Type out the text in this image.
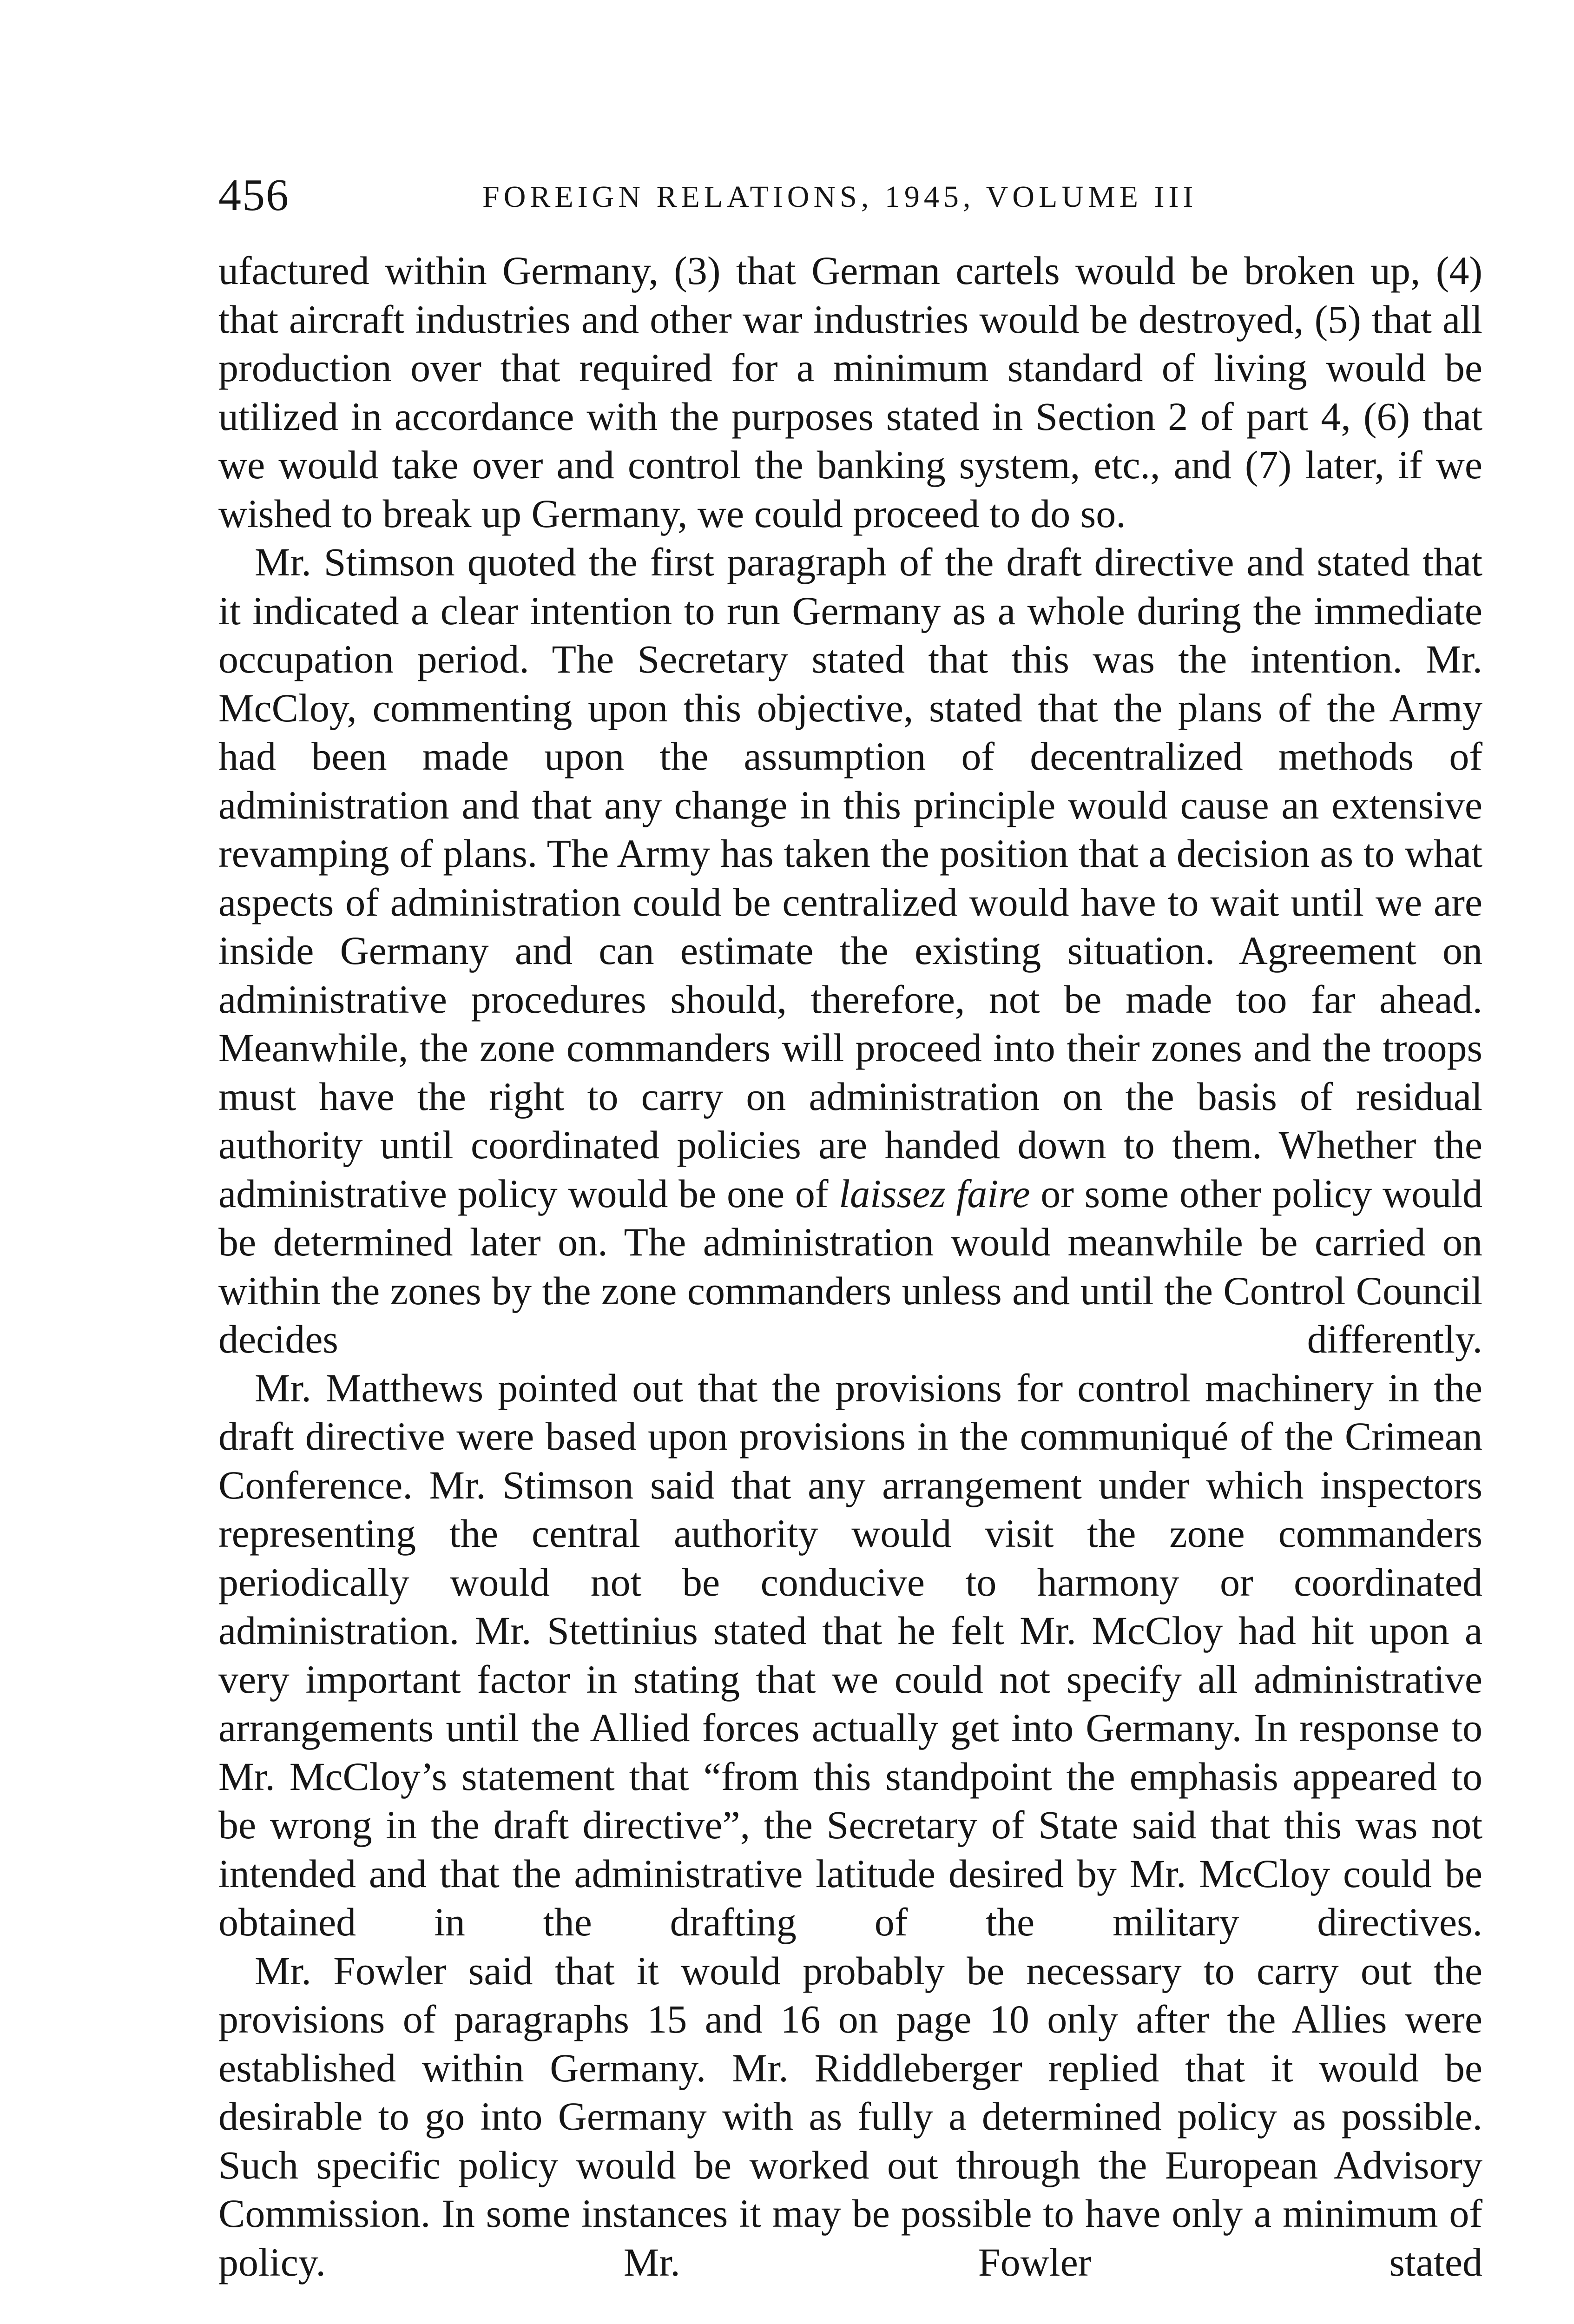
456	FOREIGN RELATIONS, 1945, VOLUME III

ufactured within Germany, (3) that German cartels would be broken up, (4) that aircraft industries and other war industries would be destroyed, (5) that all production over that required for a minimum standard of living would be utilized in accordance with the purposes stated in Section 2 of part 4, (6) that we would take over and control the banking system, etc., and (7) later, if we wished to break up Germany, we could proceed to do so.

Mr. Stimson quoted the first paragraph of the draft directive and stated that it indicated a clear intention to run Germany as a whole during the immediate occupation period. The Secretary stated that this was the intention. Mr. McCloy, commenting upon this objective, stated that the plans of the Army had been made upon the assumption of decentralized methods of administration and that any change in this principle would cause an extensive revamping of plans. The Army has taken the position that a decision as to what aspects of administration could be centralized would have to wait until we are inside Germany and can estimate the existing situation. Agreement on administrative procedures should, therefore, not be made too far ahead. Meanwhile, the zone commanders will proceed into their zones and the troops must have the right to carry on administration on the basis of residual authority until coordinated policies are handed down to them. Whether the administrative policy would be one of laissez faire or some other policy would be determined later on. The administration would meanwhile be carried on within the zones by the zone commanders unless and until the Control Council decides differently.

Mr. Matthews pointed out that the provisions for control machinery in the draft directive were based upon provisions in the communiqué of the Crimean Conference. Mr. Stimson said that any arrangement under which inspectors representing the central authority would visit the zone commanders periodically would not be conducive to harmony or coordinated administration. Mr. Stettinius stated that he felt Mr. McCloy had hit upon a very important factor in stating that we could not specify all administrative arrangements until the Allied forces actually get into Germany. In response to Mr. McCloy’s statement that “from this standpoint the emphasis appeared to be wrong in the draft directive”, the Secretary of State said that this was not intended and that the administrative latitude desired by Mr. McCloy could be obtained in the drafting of the military directives.

Mr. Fowler said that it would probably be necessary to carry out the provisions of paragraphs 15 and 16 on page 10 only after the Allies were established within Germany. Mr. Riddleberger replied that it would be desirable to go into Germany with as fully a determined policy as possible. Such specific policy would be worked out through the European Advisory Commission. In some instances it may be possible to have only a minimum of policy. Mr. Fowler stated
